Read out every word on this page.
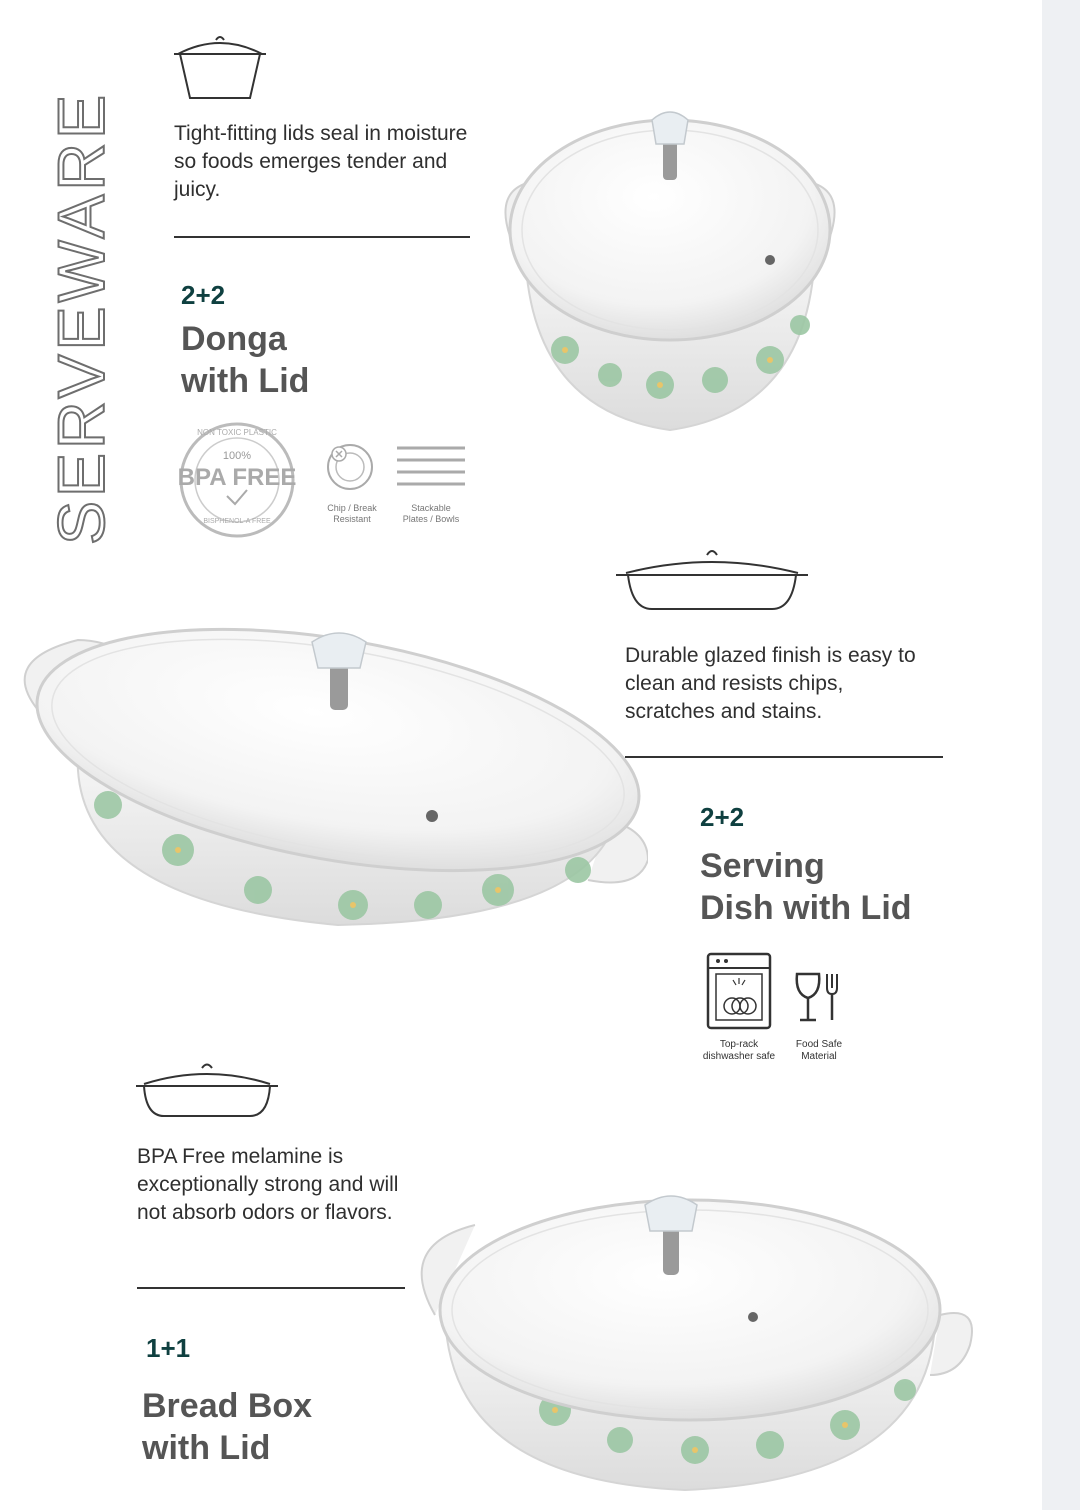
SERVEWARE	Tight-fitting lids seal in moisture so foods emerges tender and juicy.
2+2
Donga
with Lid
NON TOXIC PLASTIC
100%
BPA FREE
BISPHENOL-A FREE
Chip / Break
Resistant
Stackable
Plates / Bowls
Durable glazed finish is easy to clean and resists chips, scratches and stains.
2+2
Serving
Dish with Lid
Top-rack
dishwasher safe
Food Safe
Material
BPA Free melamine is exceptionally strong and will not absorb odors or flavors.
1+1
Bread Box
with Lid
